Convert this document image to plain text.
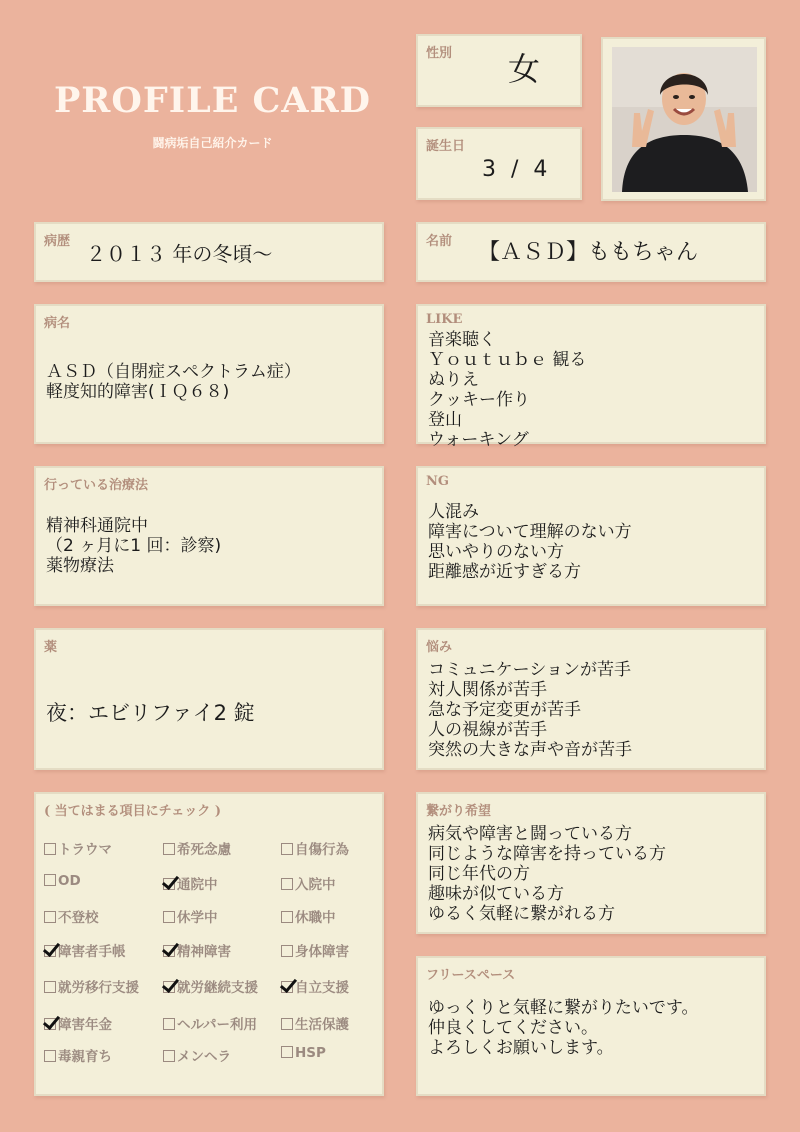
PROFILE CARD
闘病垢自己紹介カード
性別	女
誕生日
3 / 4
病歴
２０１３ 年の冬頃〜
名前 【ＡＳＤ】ももちゃん
病名
ＡＳＤ（自閉症スペクトラム症）
軽度知的障害(ＩＱ６８)
LIKE
音楽聴く
Ｙｏｕｔｕｂｅ 観る
ぬりえ
クッキー作り
登山
ウォーキング
行っている治療法
精神科通院中
（2 ヶ月に1 回：診察)
薬物療法
NG
人混み
障害について理解のない方
思いやりのない方
距離感が近すぎる方
薬
夜：エビリファイ2 錠
悩み
コミュニケーションが苦手
対人関係が苦手
急な予定変更が苦手
人の視線が苦手
突然の大きな声や音が苦手
( 当てはまる項目にチェック )
トラウマ	希死念慮	自傷行為
OD	通院中	入院中
不登校	休学中	休職中
障害者手帳	精神障害	身体障害
就労移行支援	就労継続支援	自立支援
障害年金	ヘルパー利用	生活保護
毒親育ち	メンヘラ	HSP
繋がり希望
病気や障害と闘っている方
同じような障害を持っている方
同じ年代の方
趣味が似ている方
ゆるく気軽に繋がれる方
フリースペース
ゆっくりと気軽に繋がりたいです。
仲良くしてください。
よろしくお願いします。
